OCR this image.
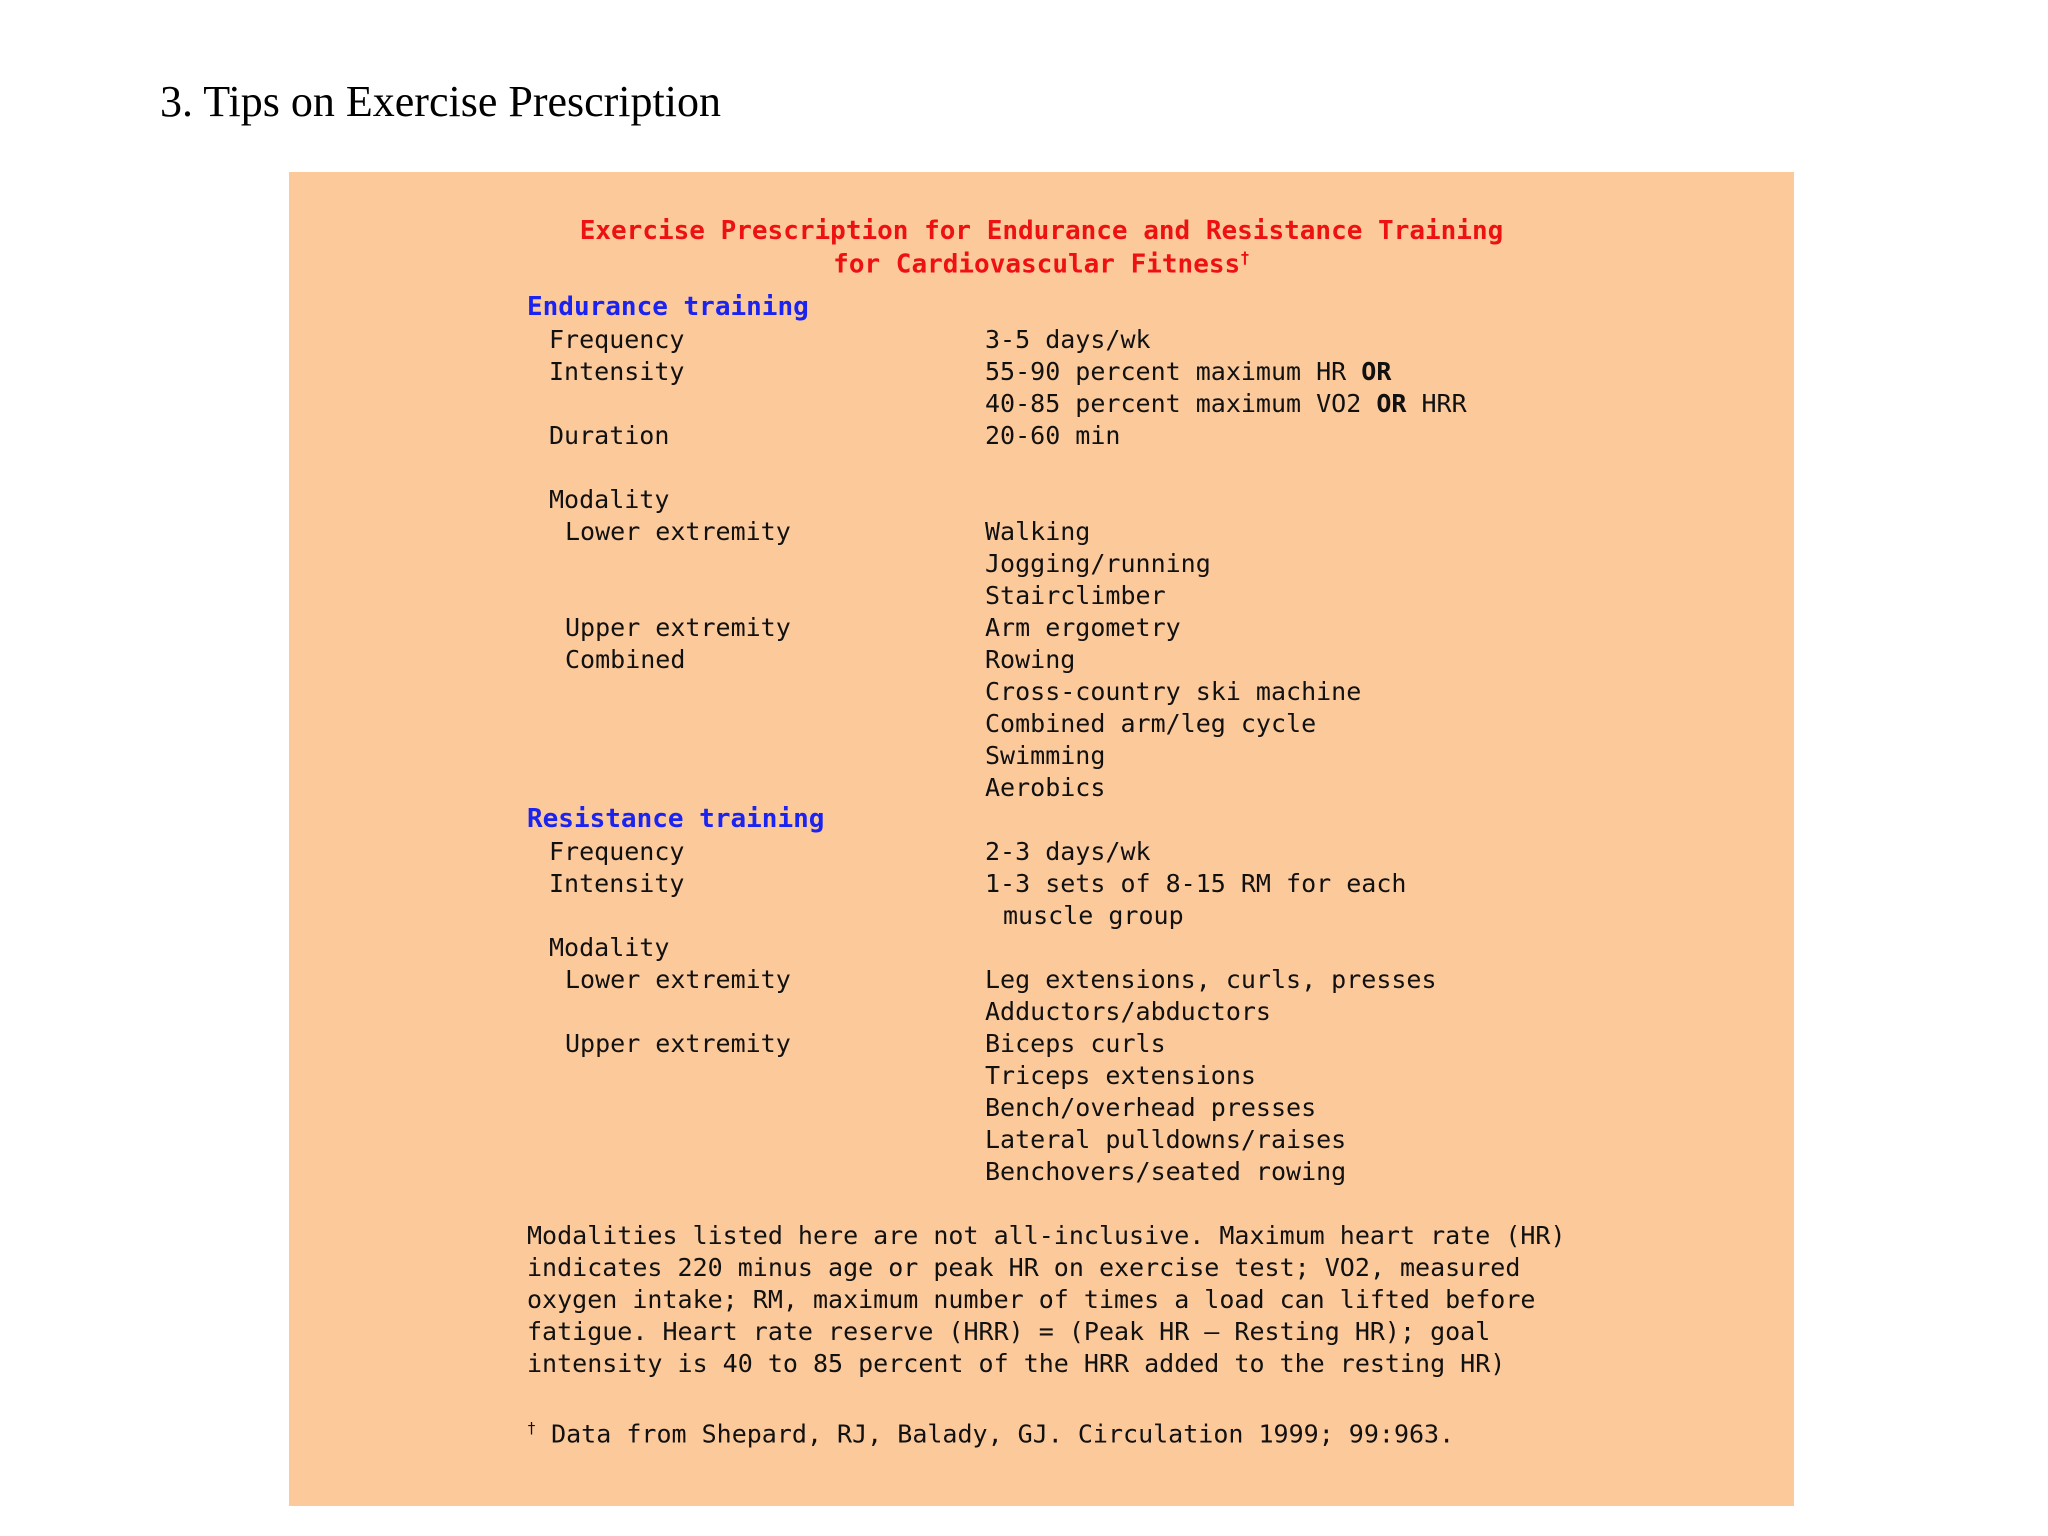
3. Tips on Exercise Prescription
Exercise Prescription for Endurance and Resistance Training
for Cardiovascular Fitness†
Endurance training
Frequency	3-5 days/wk
Intensity	55-90 percent maximum HR OR
40-85 percent maximum VO2 OR HRR
Duration	20-60 min
Modality
Lower extremity	Walking
Jogging/running
Stairclimber
Upper extremity	Arm ergometry
Combined	Rowing
Cross-country ski machine
Combined arm/leg cycle
Swimming
Aerobics
Resistance training
Frequency	2-3 days/wk
Intensity	1-3 sets of 8-15 RM for each
muscle group
Modality
Lower extremity	Leg extensions, curls, presses
Adductors/abductors
Upper extremity	Biceps curls
Triceps extensions
Bench/overhead presses
Lateral pulldowns/raises
Benchovers/seated rowing
Modalities listed here are not all-inclusive. Maximum heart rate (HR)
indicates 220 minus age or peak HR on exercise test; VO2, measured
oxygen intake; RM, maximum number of times a load can lifted before
fatigue. Heart rate reserve (HRR) = (Peak HR — Resting HR); goal
intensity is 40 to 85 percent of the HRR added to the resting HR)
† Data from Shepard, RJ, Balady, GJ. Circulation 1999; 99:963.
